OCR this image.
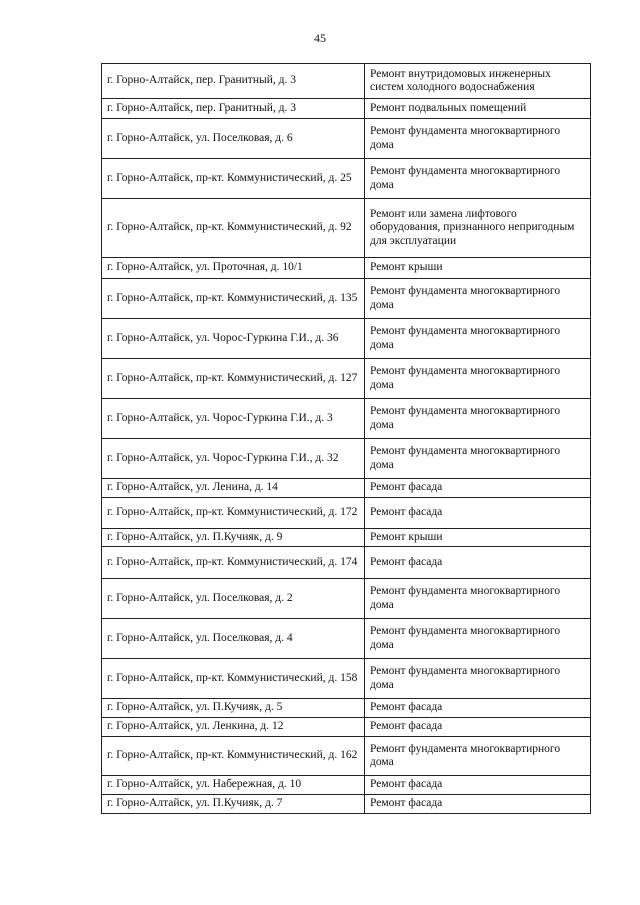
45
г. Горно-Алтайск, пер. Гранитный, д. 3	Ремонт внутридомовых инженерных систем холодного водоснабжения
г. Горно-Алтайск, пер. Гранитный, д. 3	Ремонт подвальных помещений
г. Горно-Алтайск, ул. Поселковая, д. 6	Ремонт фундамента многоквартирного дома
г. Горно-Алтайск, пр-кт. Коммунистический, д. 25	Ремонт фундамента многоквартирного дома
г. Горно-Алтайск, пр-кт. Коммунистический, д. 92	Ремонт или замена лифтового оборудования, признанного непригодным для эксплуатации
г. Горно-Алтайск, ул. Проточная, д. 10/1	Ремонт крыши
г. Горно-Алтайск, пр-кт. Коммунистический, д. 135	Ремонт фундамента многоквартирного дома
г. Горно-Алтайск, ул. Чорос-Гуркина Г.И., д. 36	Ремонт фундамента многоквартирного дома
г. Горно-Алтайск, пр-кт. Коммунистический, д. 127	Ремонт фундамента многоквартирного дома
г. Горно-Алтайск, ул. Чорос-Гуркина Г.И., д. 3	Ремонт фундамента многоквартирного дома
г. Горно-Алтайск, ул. Чорос-Гуркина Г.И., д. 32	Ремонт фундамента многоквартирного дома
г. Горно-Алтайск, ул. Ленина, д. 14	Ремонт фасада
г. Горно-Алтайск, пр-кт. Коммунистический, д. 172	Ремонт фасада
г. Горно-Алтайск, ул. П.Кучияк, д. 9	Ремонт крыши
г. Горно-Алтайск, пр-кт. Коммунистический, д. 174	Ремонт фасада
г. Горно-Алтайск, ул. Поселковая, д. 2	Ремонт фундамента многоквартирного дома
г. Горно-Алтайск, ул. Поселковая, д. 4	Ремонт фундамента многоквартирного дома
г. Горно-Алтайск, пр-кт. Коммунистический, д. 158	Ремонт фундамента многоквартирного дома
г. Горно-Алтайск, ул. П.Кучияк, д. 5	Ремонт фасада
г. Горно-Алтайск, ул. Ленкина, д. 12	Ремонт фасада
г. Горно-Алтайск, пр-кт. Коммунистический, д. 162	Ремонт фундамента многоквартирного дома
г. Горно-Алтайск, ул. Набережная, д. 10	Ремонт фасада
г. Горно-Алтайск, ул. П.Кучияк, д. 7	Ремонт фасада
